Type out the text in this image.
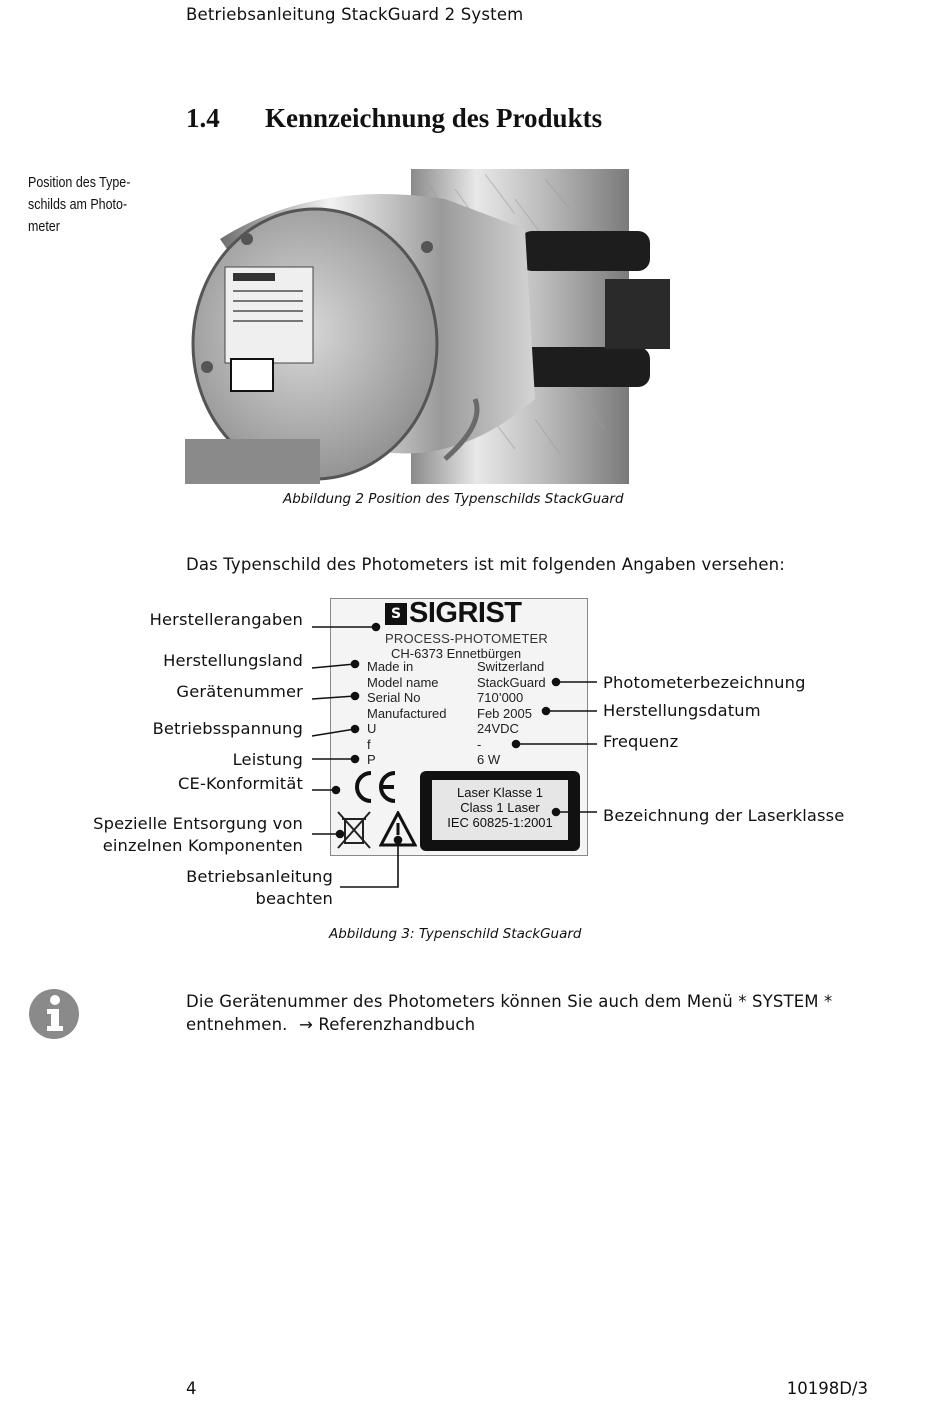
Betriebsanleitung StackGuard 2 System
1.4 Kennzeichnung des Produkts
Position des Type-
schilds am Photo-
meter
Abbildung 2 Position des Typenschilds StackGuard
Das Typenschild des Photometers ist mit folgenden Angaben versehen:
S SIGRIST
PROCESS-PHOTOMETER
CH-6373 Ennetbürgen
Made in
Model name
Serial No
Manufactured
U
f
P
Switzerland
StackGuard
710’000
Feb 2005
24VDC
-
6 W
Laser Klasse 1
Class 1 Laser
IEC 60825-1:2001
Herstellerangaben
Herstellungsland
Gerätenummer
Betriebsspannung
Leistung
CE-Konformität
Spezielle Entsorgung von
einzelnen Komponenten
Betriebsanleitung
beachten
Photometerbezeichnung
Herstellungsdatum
Frequenz
Bezeichnung der Laserklasse
Abbildung 3: Typenschild StackGuard
Die Gerätenummer des Photometers können Sie auch dem Menü * SYSTEM *
entnehmen. → Referenzhandbuch
4	10198D/3
